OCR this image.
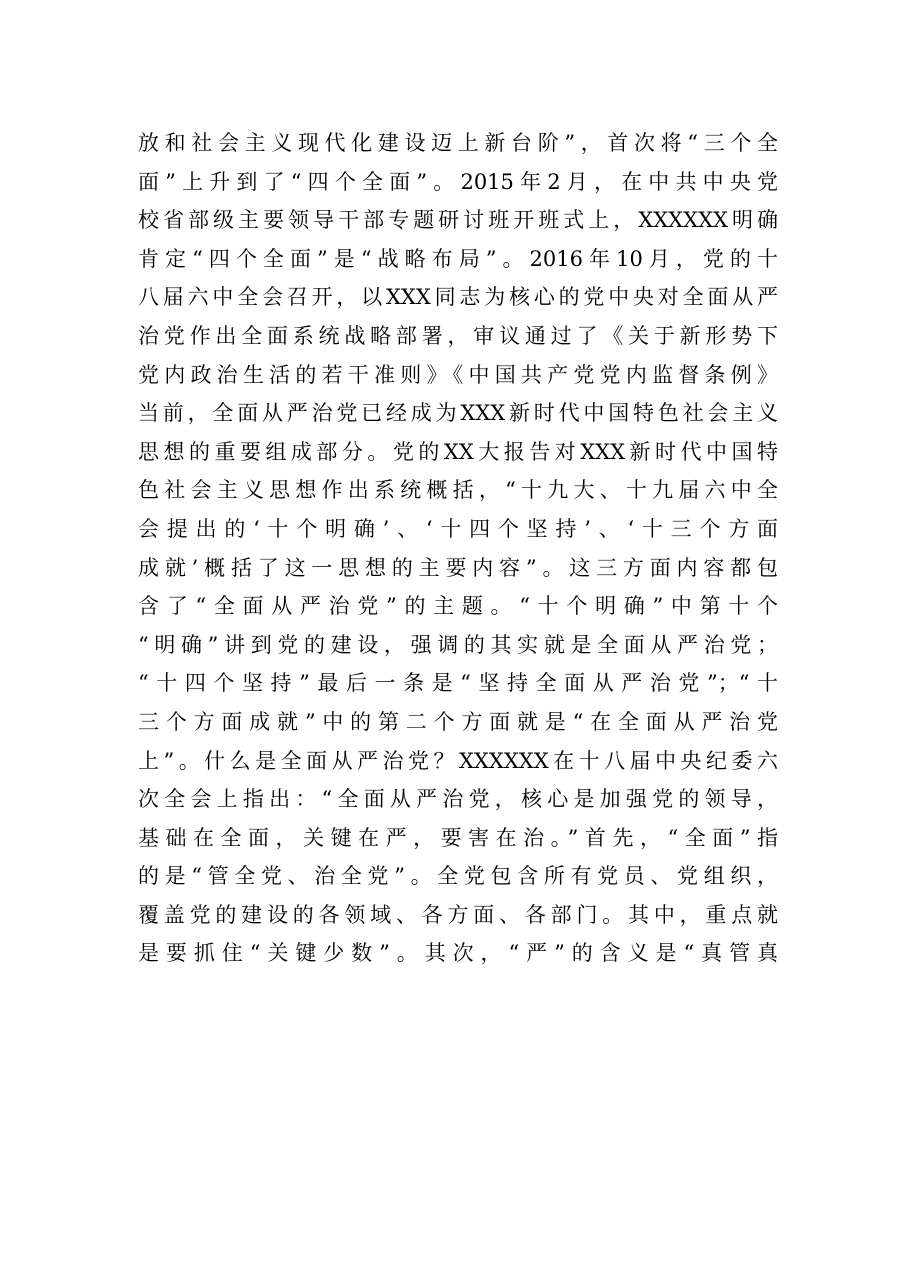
放和社会主义现代化建设迈上新台阶”，首次将“三个全
面”上升到了“四个全面”。2015年2月，在中共中央党
校省部级主要领导干部专题研讨班开班式上，XXXXXX明确
肯定“四个全面”是“战略布局”。2016年10月，党的十
八届六中全会召开，以XXX同志为核心的党中央对全面从严
治党作出全面系统战略部署，审议通过了《关于新形势下
党内政治生活的若干准则》《中国共产党党内监督条例》
当前，全面从严治党已经成为XXX新时代中国特色社会主义
思想的重要组成部分。党的XX大报告对XXX新时代中国特
色社会主义思想作出系统概括，“十九大、十九届六中全
会提出的‘十个明确’、‘十四个坚持’、‘十三个方面
成就’概括了这一思想的主要内容”。这三方面内容都包
含了“全面从严治党”的主题。“十个明确”中第十个
“明确”讲到党的建设，强调的其实就是全面从严治党；
“十四个坚持”最后一条是“坚持全面从严治党”；“十
三个方面成就”中的第二个方面就是“在全面从严治党
上”。什么是全面从严治党？XXXXXX在十八届中央纪委六
次全会上指出：“全面从严治党，核心是加强党的领导，
基础在全面，关键在严，要害在治。”首先，“全面”指
的是“管全党、治全党”。全党包含所有党员、党组织，
覆盖党的建设的各领域、各方面、各部门。其中，重点就
是要抓住“关键少数”。其次，“严”的含义是“真管真
